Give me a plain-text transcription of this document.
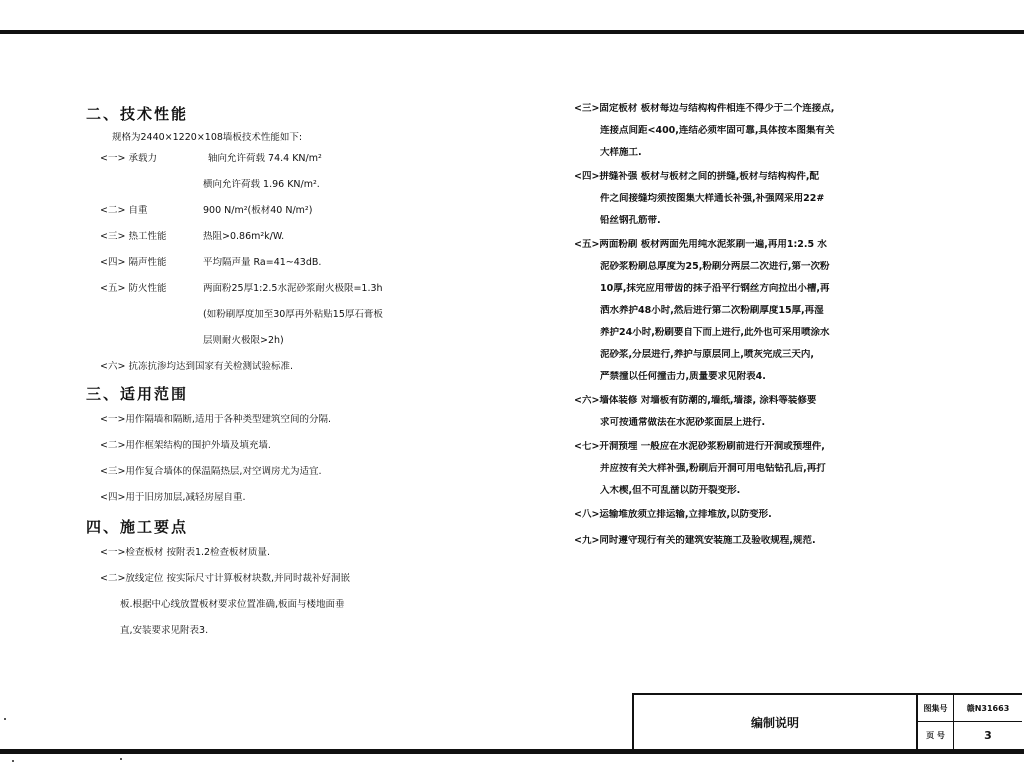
二、技术性能

规格为2440×1220×108墙板技术性能如下:

<一> 承载力	轴向允许荷载 74.4 KN/m²
横向允许荷载 1.96 KN/m².
<二> 自重	900 N/m²(板材40 N/m²)
<三> 热工性能	热阻>0.86m²k/W.
<四> 隔声性能	平均隔声量 Ra=41~43dB.
<五> 防火性能	两面粉25厚1:2.5水泥砂浆耐火极限=1.3h
(如粉刷厚度加至30厚再外粘贴15厚石膏板
层则耐火极限>2h)

<六> 抗冻抗渗均达到国家有关检测试验标准.

三、适用范围

<一>用作隔墙和隔断,适用于各种类型建筑空间的分隔.

<二>用作框架结构的围护外墙及填充墙.

<三>用作复合墙体的保温隔热层,对空调房尤为适宜.

<四>用于旧房加层,减轻房屋自重.

四、施工要点

<一>检查板材 按附表1.2检查板材质量.

<二>放线定位 按实际尺寸计算板材块数,并同时裁补好洞嵌

板.根据中心线放置板材要求位置准确,板面与楼地面垂

直,安装要求见附表3.

<三>固定板材 板材每边与结构构件相连不得少于二个连接点,

连接点间距<400,连结必须牢固可靠,具体按本图集有关

大样施工.

<四>拼缝补强 板材与板材之间的拼缝,板材与结构构件,配

件之间接缝均须按图集大样通长补强,补强网采用22#

铅丝钢孔筋带.

<五>两面粉刷 板材两面先用纯水泥浆刷一遍,再用1:2.5 水

泥砂浆粉刷总厚度为25,粉刷分两层二次进行,第一次粉

10厚,抹完应用带齿的抹子沿平行钢丝方向拉出小槽,再

洒水养护48小时,然后进行第二次粉刷厚度15厚,再湿

养护24小时,粉刷要自下而上进行,此外也可采用喷涂水

泥砂浆,分层进行,养护与原层同上,喷灰完成三天内,

严禁撞以任何撞击力,质量要求见附表4.

<六>墙体装修 对墙板有防潮的,墙纸,墙漆, 涂料等装修要

求可按通常做法在水泥砂浆面层上进行.

<七>开洞预埋 一般应在水泥砂浆粉刷前进行开洞或预埋件,

并应按有关大样补强,粉刷后开洞可用电钻钻孔后,再打

入木楔,但不可乱凿以防开裂变形.

<八>运输堆放须立排运输,立排堆放,以防变形.

<九>同时遵守现行有关的建筑安装施工及验收规程,规范.

编制说明
图集号	赣N31663
页 号	3
